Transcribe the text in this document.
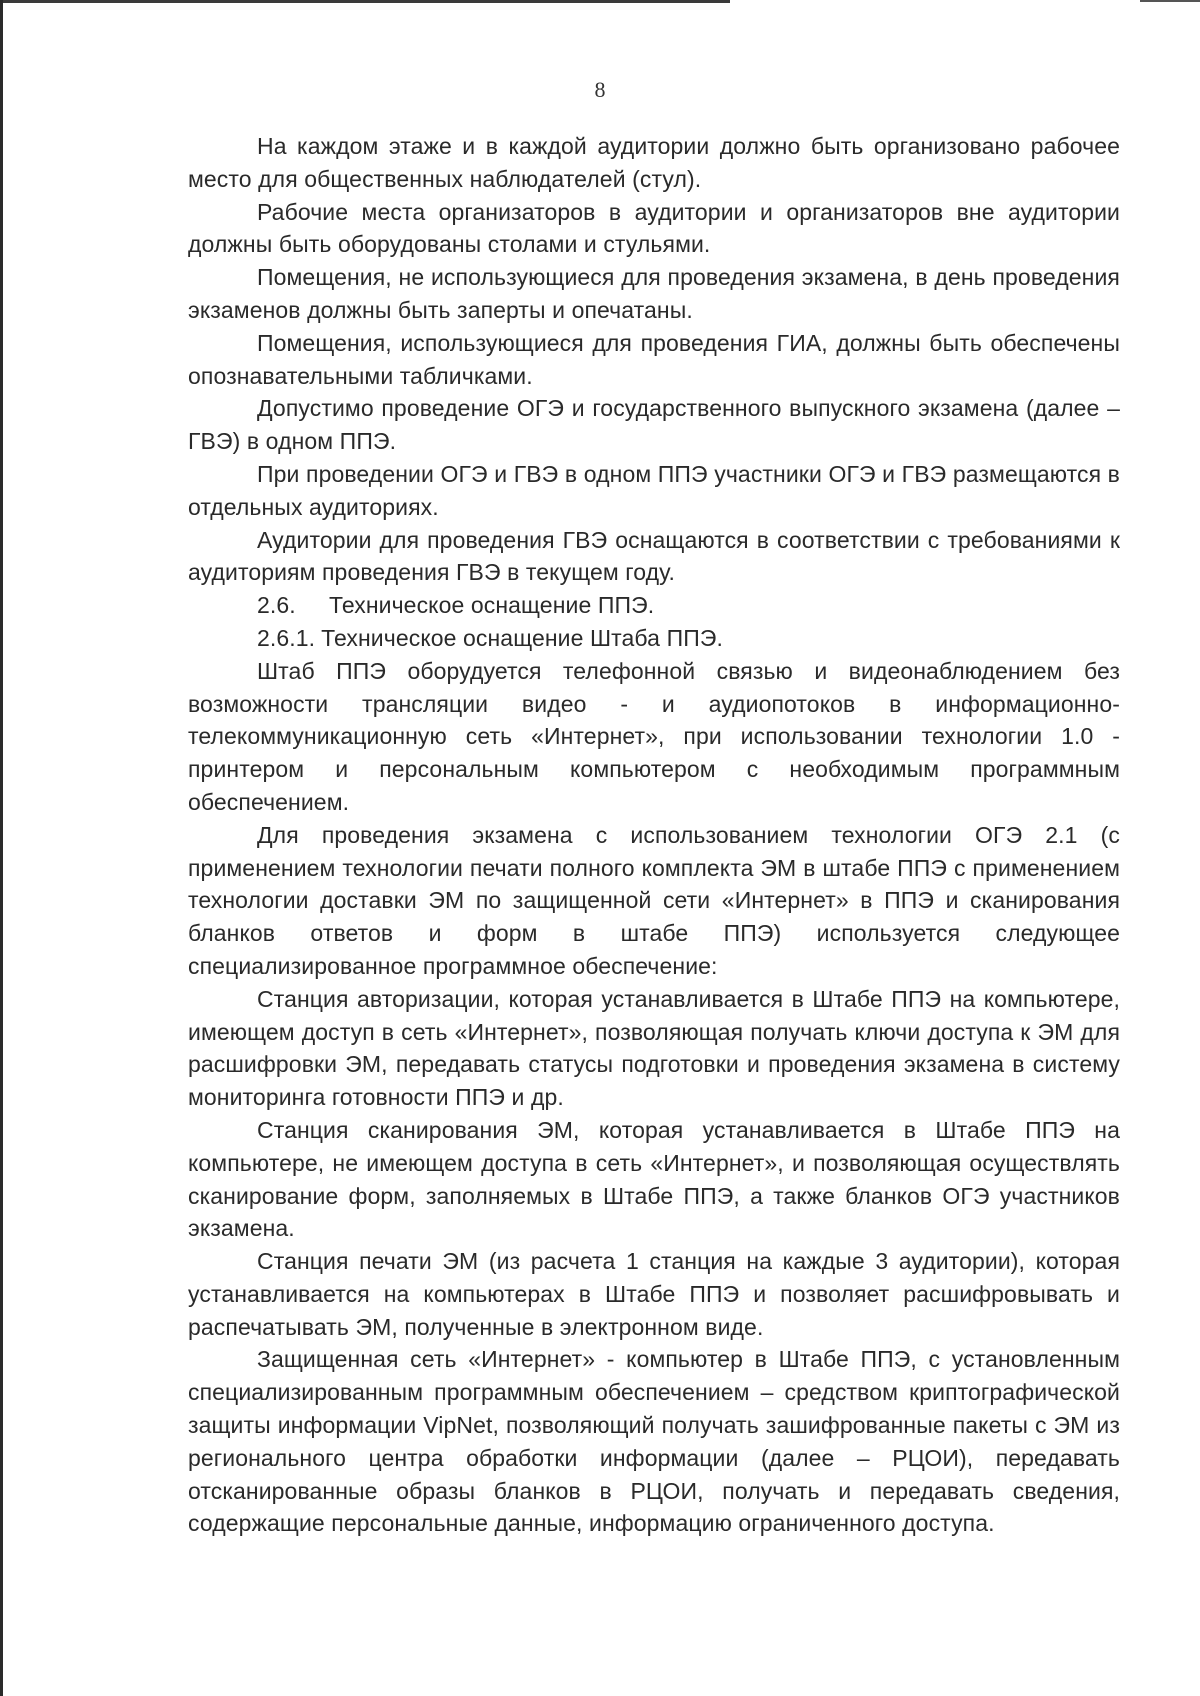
8

На каждом этаже и в каждой аудитории должно быть организовано рабочее место для общественных наблюдателей (стул).

Рабочие места организаторов в аудитории и организаторов вне аудитории должны быть оборудованы столами и стульями.

Помещения, не использующиеся для проведения экзамена, в день проведения экзаменов должны быть заперты и опечатаны.

Помещения, использующиеся для проведения ГИА, должны быть обеспечены опознавательными табличками.

Допустимо проведение ОГЭ и государственного выпускного экзамена (далее – ГВЭ) в одном ППЭ.

При проведении ОГЭ и ГВЭ в одном ППЭ участники ОГЭ и ГВЭ размещаются в отдельных аудиториях.

Аудитории для проведения ГВЭ оснащаются в соответствии с требованиями к аудиториям проведения ГВЭ в текущем году.

2.6. Техническое оснащение ППЭ.

2.6.1. Техническое оснащение Штаба ППЭ.

Штаб ППЭ оборудуется телефонной связью и видеонаблюдением без возможности трансляции видео - и аудиопотоков в информационно-телекоммуникационную сеть «Интернет», при использовании технологии 1.0 - принтером и персональным компьютером с необходимым программным обеспечением.

Для проведения экзамена с использованием технологии ОГЭ 2.1 (с применением технологии печати полного комплекта ЭМ в штабе ППЭ с применением технологии доставки ЭМ по защищенной сети «Интернет» в ППЭ и сканирования бланков ответов и форм в штабе ППЭ) используется следующее специализированное программное обеспечение:

Станция авторизации, которая устанавливается в Штабе ППЭ на компьютере, имеющем доступ в сеть «Интернет», позволяющая получать ключи доступа к ЭМ для расшифровки ЭМ, передавать статусы подготовки и проведения экзамена в систему мониторинга готовности ППЭ и др.

Станция сканирования ЭМ, которая устанавливается в Штабе ППЭ на компьютере, не имеющем доступа в сеть «Интернет», и позволяющая осуществлять сканирование форм, заполняемых в Штабе ППЭ, а также бланков ОГЭ участников экзамена.

Станция печати ЭМ (из расчета 1 станция на каждые 3 аудитории), которая устанавливается на компьютерах в Штабе ППЭ и позволяет расшифровывать и распечатывать ЭМ, полученные в электронном виде.

Защищенная сеть «Интернет» - компьютер в Штабе ППЭ, с установленным специализированным программным обеспечением – средством криптографической защиты информации VipNet, позволяющий получать зашифрованные пакеты с ЭМ из регионального центра обработки информации (далее – РЦОИ), передавать отсканированные образы бланков в РЦОИ, получать и передавать сведения, содержащие персональные данные, информацию ограниченного доступа.
